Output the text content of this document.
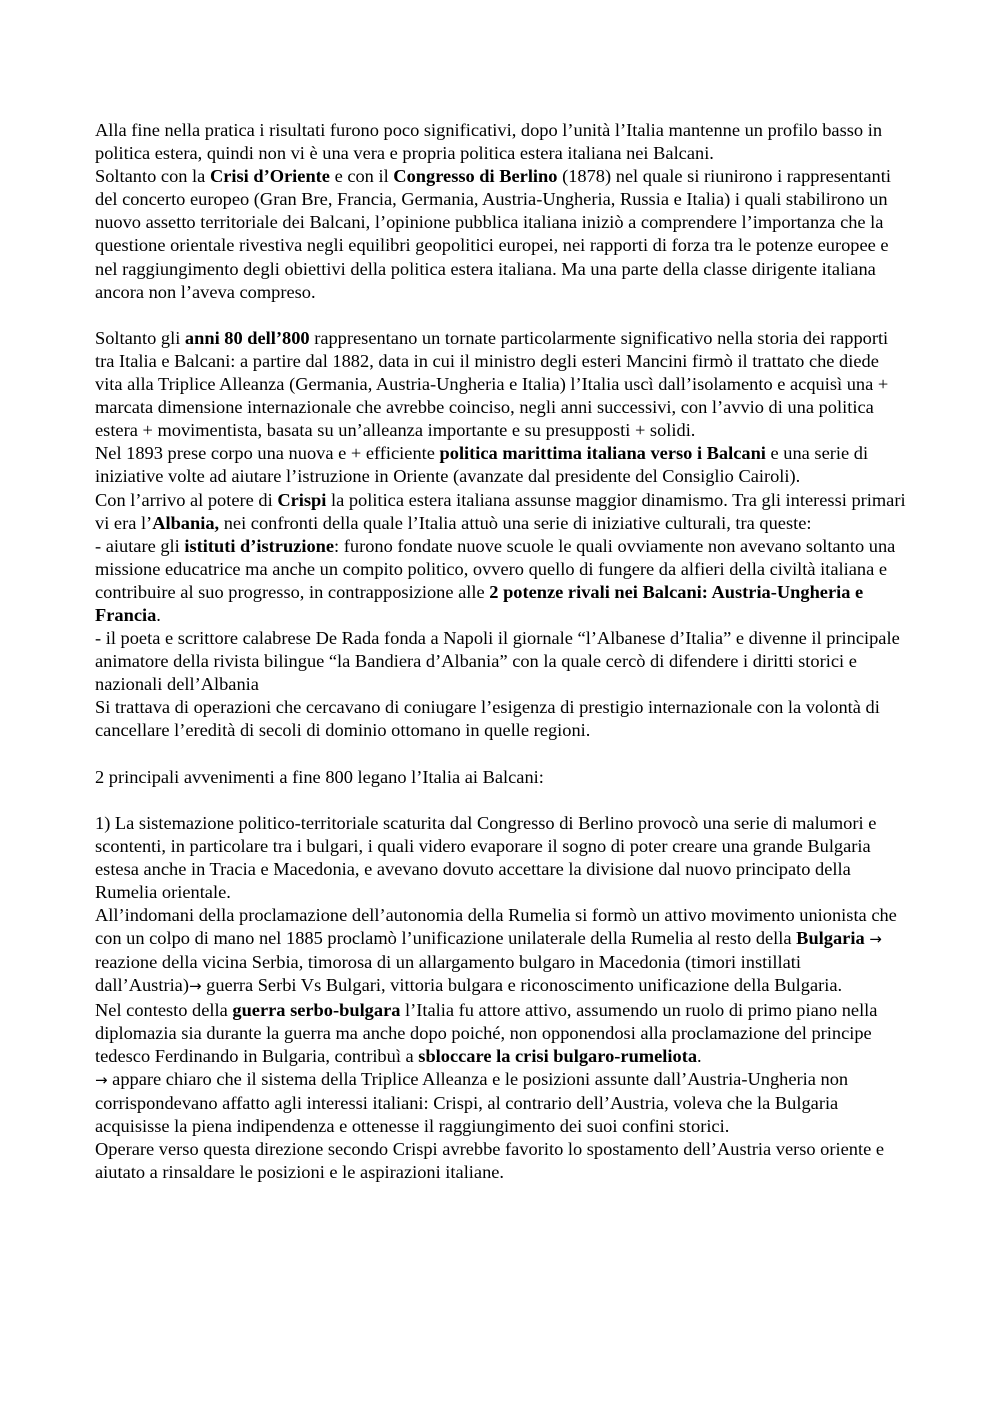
Alla fine nella pratica i risultati furono poco significativi, dopo l’unità l’Italia mantenne un profilo basso in politica estera, quindi non vi è una vera e propria politica estera italiana nei Balcani.

Soltanto con la Crisi d’Oriente e con il Congresso di Berlino (1878) nel quale si riunirono i rappresentanti del concerto europeo (Gran Bre, Francia, Germania, Austria-Ungheria, Russia e Italia) i quali stabilirono un nuovo assetto territoriale dei Balcani, l’opinione pubblica italiana iniziò a comprendere l’importanza che la questione orientale rivestiva negli equilibri geopolitici europei, nei rapporti di forza tra le potenze europee e nel raggiungimento degli obiettivi della politica estera italiana. Ma una parte della classe dirigente italiana ancora non l’aveva compreso.

Soltanto gli anni 80 dell’800 rappresentano un tornate particolarmente significativo nella storia dei rapporti tra Italia e Balcani: a partire dal 1882, data in cui il ministro degli esteri Mancini firmò il trattato che diede vita alla Triplice Alleanza (Germania, Austria-Ungheria e Italia) l’Italia uscì dall’isolamento e acquisì una + marcata dimensione internazionale che avrebbe coinciso, negli anni successivi, con l’avvio di una politica estera + movimentista, basata su un’alleanza importante e su presupposti + solidi.

Nel 1893 prese corpo una nuova e + efficiente politica marittima italiana verso i Balcani e una serie di iniziative volte ad aiutare l’istruzione in Oriente (avanzate dal presidente del Consiglio Cairoli).

Con l’arrivo al potere di Crispi la politica estera italiana assunse maggior dinamismo. Tra gli interessi primari vi era l’Albania, nei confronti della quale l’Italia attuò una serie di iniziative culturali, tra queste:

- aiutare gli istituti d’istruzione: furono fondate nuove scuole le quali ovviamente non avevano soltanto una missione educatrice ma anche un compito politico, ovvero quello di fungere da alfieri della civiltà italiana e contribuire al suo progresso, in contrapposizione alle 2 potenze rivali nei Balcani: Austria-Ungheria e Francia.

- il poeta e scrittore calabrese De Rada fonda a Napoli il giornale “l’Albanese d’Italia” e divenne il principale animatore della rivista bilingue “la Bandiera d’Albania” con la quale cercò di difendere i diritti storici e nazionali dell’Albania

Si trattava di operazioni che cercavano di coniugare l’esigenza di prestigio internazionale con la volontà di cancellare l’eredità di secoli di dominio ottomano in quelle regioni.

2 principali avvenimenti a fine 800 legano l’Italia ai Balcani:

1) La sistemazione politico-territoriale scaturita dal Congresso di Berlino provocò una serie di malumori e scontenti, in particolare tra i bulgari, i quali videro evaporare il sogno di poter creare una grande Bulgaria estesa anche in Tracia e Macedonia, e avevano dovuto accettare la divisione dal nuovo principato della Rumelia orientale.

All’indomani della proclamazione dell’autonomia della Rumelia si formò un attivo movimento unionista che con un colpo di mano nel 1885 proclamò l’unificazione unilaterale della Rumelia al resto della Bulgaria → reazione della vicina Serbia, timorosa di un allargamento bulgaro in Macedonia (timori instillati dall’Austria)→ guerra Serbi Vs Bulgari, vittoria bulgara e riconoscimento unificazione della Bulgaria.

Nel contesto della guerra serbo-bulgara l’Italia fu attore attivo, assumendo un ruolo di primo piano nella diplomazia sia durante la guerra ma anche dopo poiché, non opponendosi alla proclamazione del principe tedesco Ferdinando in Bulgaria, contribuì a sbloccare la crisi bulgaro-rumeliota.

→ appare chiaro che il sistema della Triplice Alleanza e le posizioni assunte dall’Austria-Ungheria non corrispondevano affatto agli interessi italiani: Crispi, al contrario dell’Austria, voleva che la Bulgaria acquisisse la piena indipendenza e ottenesse il raggiungimento dei suoi confini storici.

Operare verso questa direzione secondo Crispi avrebbe favorito lo spostamento dell’Austria verso oriente e aiutato a rinsaldare le posizioni e le aspirazioni italiane.
